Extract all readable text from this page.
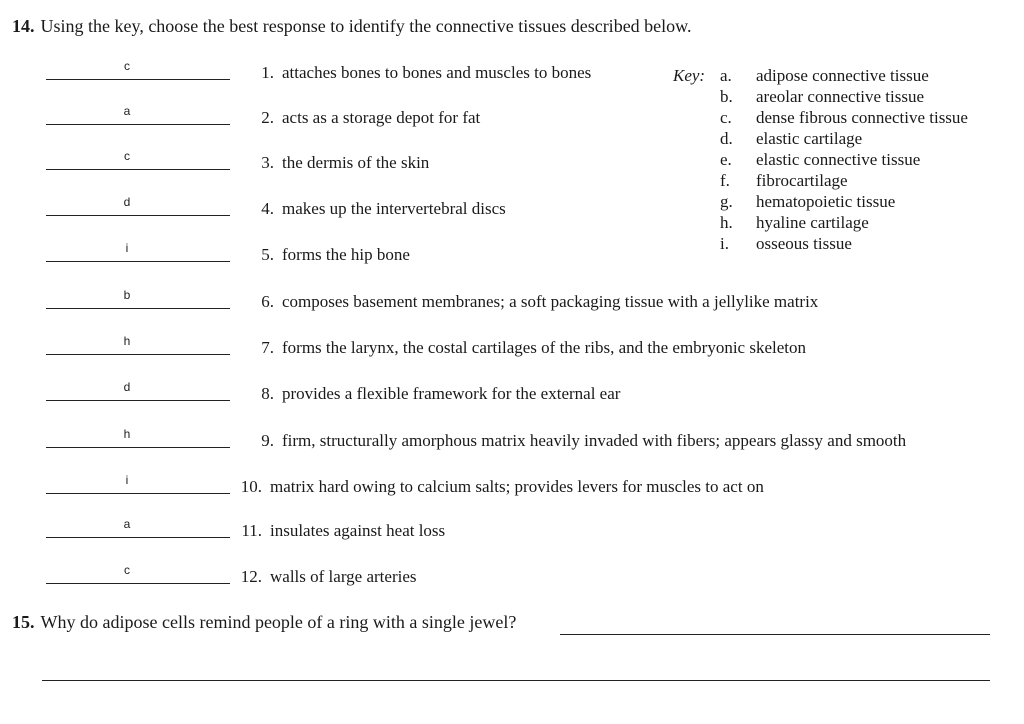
14. Using the key, choose the best response to identify the connective tissues described below.
Key: a. adipose connective tissue
b. areolar connective tissue
c. dense fibrous connective tissue
d. elastic cartilage
e. elastic connective tissue
f. fibrocartilage
g. hematopoietic tissue
h. hyaline cartilage
i. osseous tissue
c	1. attaches bones to bones and muscles to bones
a	2. acts as a storage depot for fat
c	3. the dermis of the skin
d	4. makes up the intervertebral discs
i	5. forms the hip bone
b	6. composes basement membranes; a soft packaging tissue with a jellylike matrix
h	7. forms the larynx, the costal cartilages of the ribs, and the embryonic skeleton
d	8. provides a flexible framework for the external ear
h	9. firm, structurally amorphous matrix heavily invaded with fibers; appears glassy and smooth
i	10. matrix hard owing to calcium salts; provides levers for muscles to act on
a	11. insulates against heat loss
c	12. walls of large arteries
15. Why do adipose cells remind people of a ring with a single jewel?
